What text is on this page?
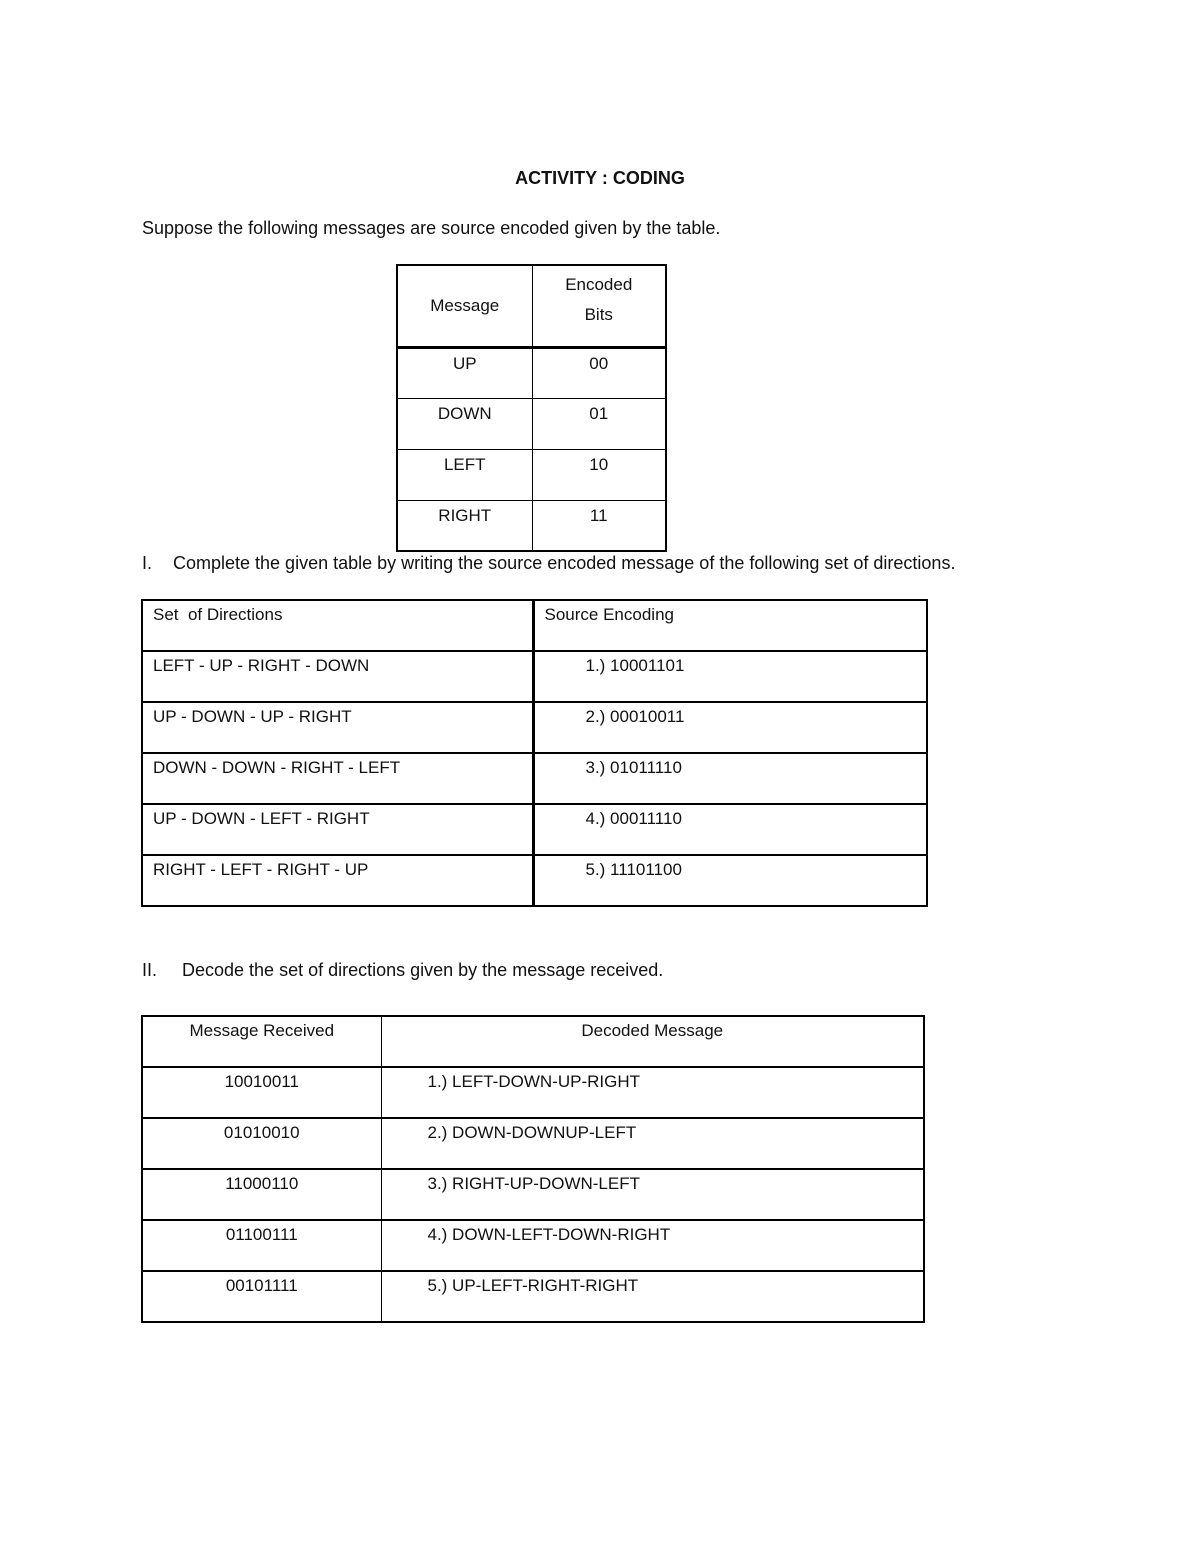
ACTIVITY : CODING
Suppose the following messages are source encoded given by the table.
Message	Encoded
Bits

UP	00
DOWN	01
LEFT	10
RIGHT	11
I. Complete the given table by writing the source encoded message of the following set of directions.
Set  of Directions	Source Encoding
LEFT - UP - RIGHT - DOWN	1.) 10001101
UP - DOWN - UP - RIGHT	2.) 00010011
DOWN - DOWN - RIGHT - LEFT	3.) 01011110
UP - DOWN - LEFT - RIGHT	4.) 00011110
RIGHT - LEFT - RIGHT - UP	5.) 11101100
II. Decode the set of directions given by the message received.
Message Received	Decoded Message
10010011	1.) LEFT-DOWN-UP-RIGHT
01010010	2.) DOWN-DOWNUP-LEFT
11000110	3.) RIGHT-UP-DOWN-LEFT
01100111	4.) DOWN-LEFT-DOWN-RIGHT
00101111	5.) UP-LEFT-RIGHT-RIGHT
